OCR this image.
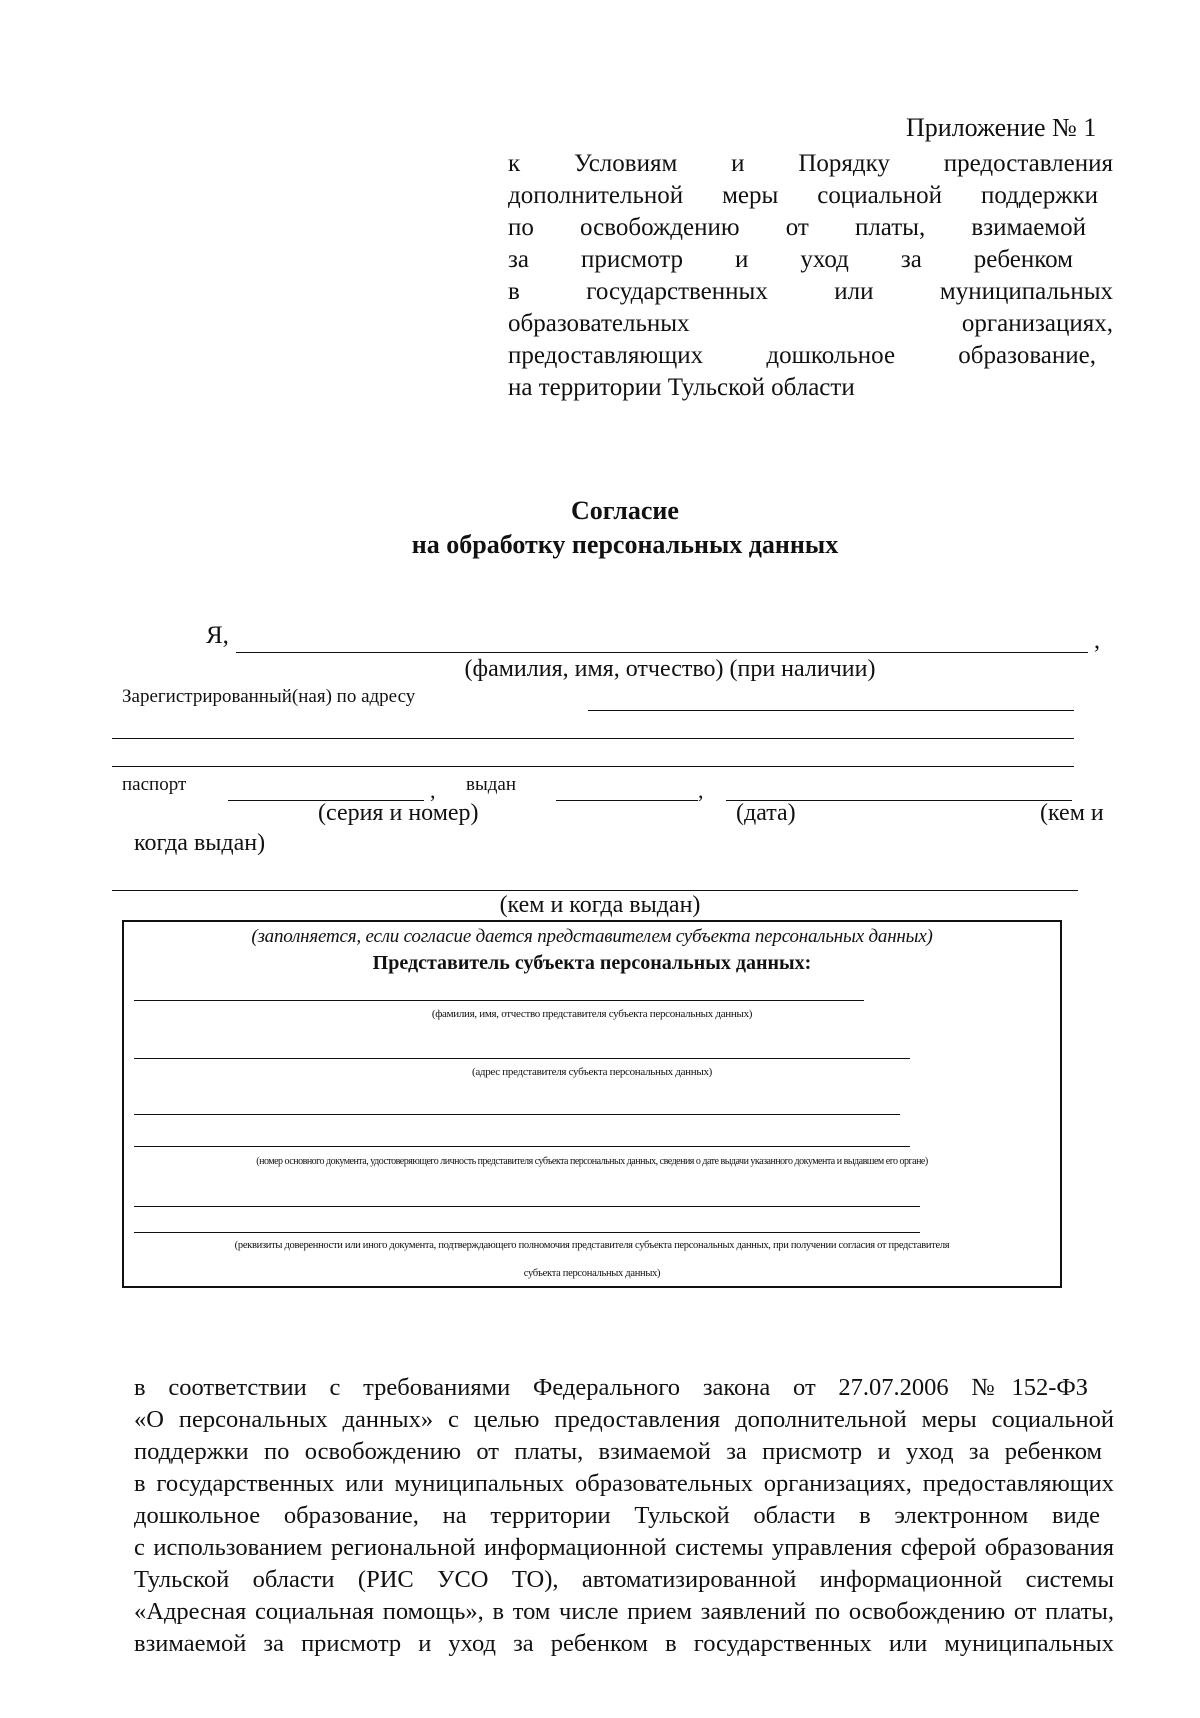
Приложение № 1
к Условиям и Порядку предоставления
дополнительной меры социальной поддержки
по освобождению от платы, взимаемой
за присмотр и уход за ребенком
в государственных или муниципальных
образовательных организациях,
предоставляющих дошкольное образование,
на территории Тульской области
Согласие
на обработку персональных данных
Я,	,
(фамилия, имя, отчество) (при наличии)
Зарегистрированный(ная) по адресу
паспорт	, выдан	,
(серия и номер)	(дата)	(кем и
когда выдан)
(кем и когда выдан)
(заполняется, если согласие дается представителем субъекта персональных данных)
Представитель субъекта персональных данных:
(фамилия, имя, отчество представителя субъекта персональных данных)
(адрес представителя субъекта персональных данных)
(номер основного документа, удостоверяющего личность представителя субъекта персональных данных, сведения о дате выдачи указанного документа и выдавшем его органе)
(реквизиты доверенности или иного документа, подтверждающего полномочия представителя субъекта персональных данных, при получении согласия от представителя
субъекта персональных данных)

в соответствии с требованиями Федерального закона от 27.07.2006 №152-ФЗ

«О персональных данных» с целью предоставления дополнительной меры социальной

поддержки по освобождению от платы, взимаемой за присмотр и уход за ребенком

в государственных или муниципальных образовательных организациях, предоставляющих

дошкольное образование, на территории Тульской области в электронном виде

с использованием региональной информационной системы управления сферой образования

Тульской области (РИС УСО ТО), автоматизированной информационной системы

«Адресная социальная помощь», в том числе прием заявлений по освобождению от платы,

взимаемой за присмотр и уход за ребенком в государственных или муниципальных
